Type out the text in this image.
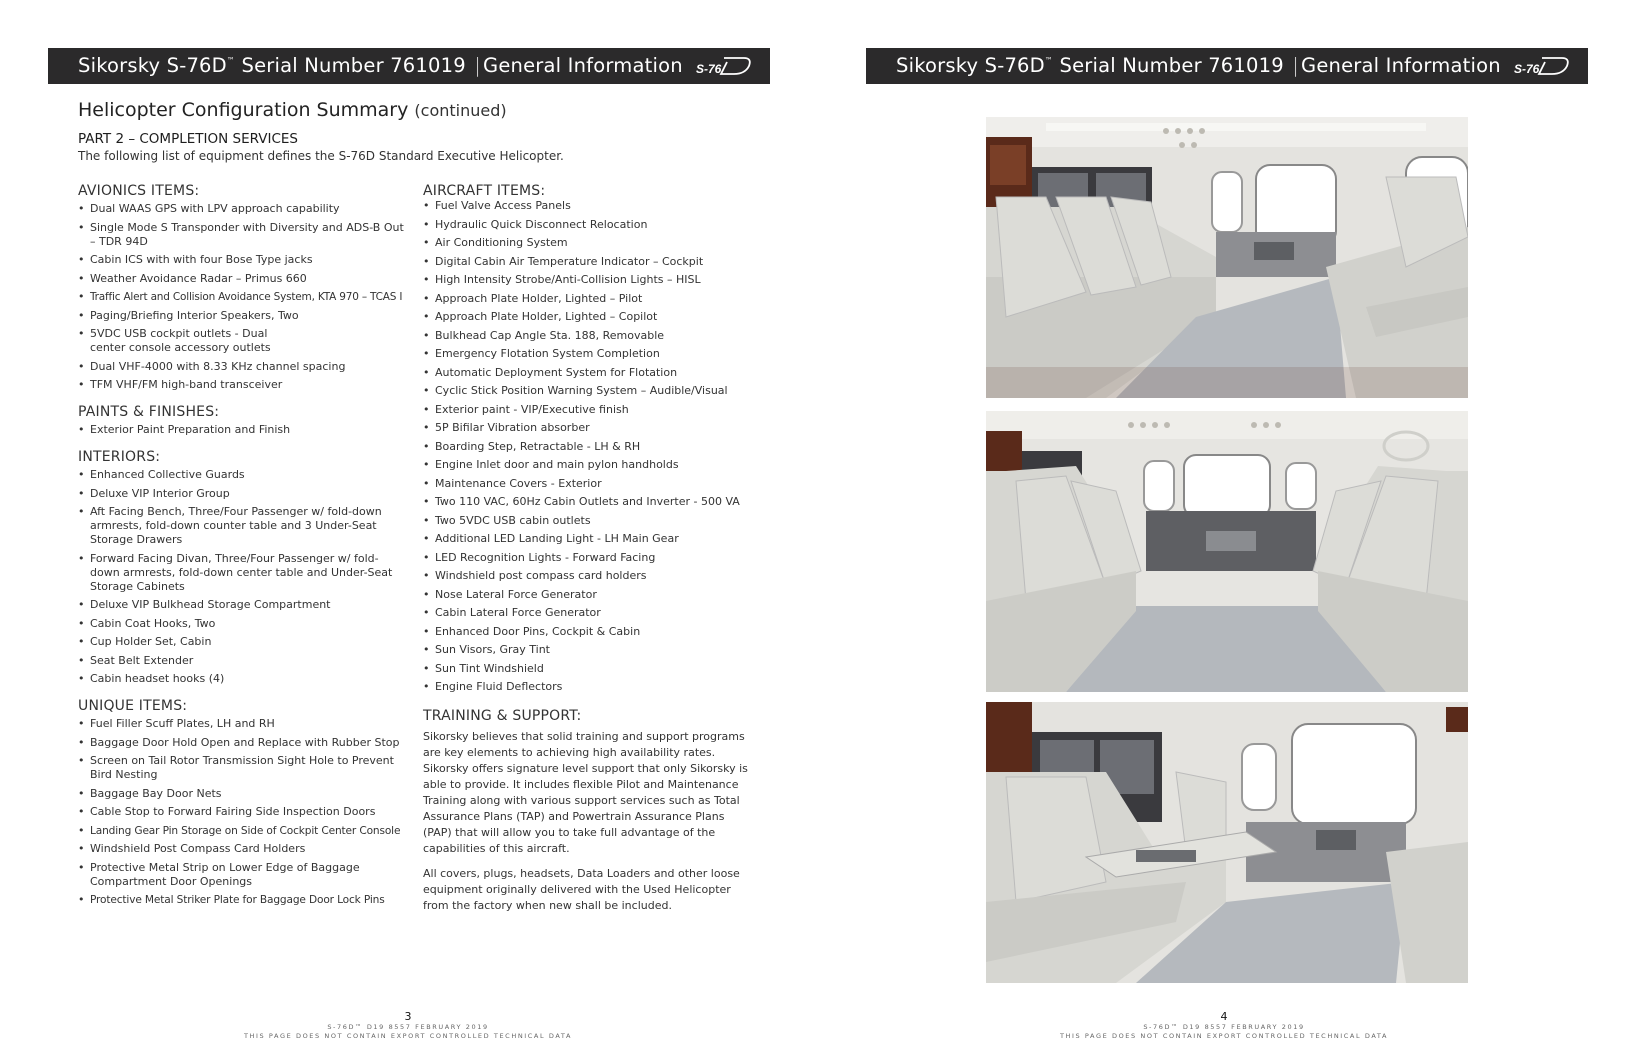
Sikorsky S-76D™ Serial Number 761019 | General Information S-76
Helicopter Configuration Summary (continued)
PART 2 – COMPLETION SERVICES
The following list of equipment defines the S-76D Standard Executive Helicopter.
AVIONICS ITEMS:
• Dual WAAS GPS with LPV approach capability
• Single Mode S Transponder with Diversity and ADS-B Out – TDR 94D
• Cabin ICS with with four Bose Type jacks
• Weather Avoidance Radar – Primus 660
• Traffic Alert and Collision Avoidance System, KTA 970 – TCAS I
• Paging/Briefing Interior Speakers, Two
• 5VDC USB cockpit outlets - Dual center console accessory outlets
• Dual VHF-4000 with 8.33 KHz channel spacing
• TFM VHF/FM high-band transceiver
PAINTS & FINISHES:
• Exterior Paint Preparation and Finish
INTERIORS:
• Enhanced Collective Guards
• Deluxe VIP Interior Group
• Aft Facing Bench, Three/Four Passenger w/ fold-down armrests, fold-down counter table and 3 Under-Seat Storage Drawers
• Forward Facing Divan, Three/Four Passenger w/ fold-down armrests, fold-down center table and Under-Seat Storage Cabinets
• Deluxe VIP Bulkhead Storage Compartment
• Cabin Coat Hooks, Two
• Cup Holder Set, Cabin
• Seat Belt Extender
• Cabin headset hooks (4)
UNIQUE ITEMS:
• Fuel Filler Scuff Plates, LH and RH
• Baggage Door Hold Open and Replace with Rubber Stop
• Screen on Tail Rotor Transmission Sight Hole to Prevent Bird Nesting
• Baggage Bay Door Nets
• Cable Stop to Forward Fairing Side Inspection Doors
• Landing Gear Pin Storage on Side of Cockpit Center Console
• Windshield Post Compass Card Holders
• Protective Metal Strip on Lower Edge of Baggage Compartment Door Openings
• Protective Metal Striker Plate for Baggage Door Lock Pins
AIRCRAFT ITEMS:
• Fuel Valve Access Panels
• Hydraulic Quick Disconnect Relocation
• Air Conditioning System
• Digital Cabin Air Temperature Indicator – Cockpit
• High Intensity Strobe/Anti-Collision Lights – HISL
• Approach Plate Holder, Lighted – Pilot
• Approach Plate Holder, Lighted – Copilot
• Bulkhead Cap Angle Sta. 188, Removable
• Emergency Flotation System Completion
• Automatic Deployment System for Flotation
• Cyclic Stick Position Warning System – Audible/Visual
• Exterior paint - VIP/Executive finish
• 5P Bifilar Vibration absorber
• Boarding Step, Retractable - LH & RH
• Engine Inlet door and main pylon handholds
• Maintenance Covers - Exterior
• Two 110 VAC, 60Hz Cabin Outlets and Inverter - 500 VA
• Two 5VDC USB cabin outlets
• Additional LED Landing Light - LH Main Gear
• LED Recognition Lights - Forward Facing
• Windshield post compass card holders
• Nose Lateral Force Generator
• Cabin Lateral Force Generator
• Enhanced Door Pins, Cockpit & Cabin
• Sun Visors, Gray Tint
• Sun Tint Windshield
• Engine Fluid Deflectors
TRAINING & SUPPORT:

Sikorsky believes that solid training and support programs are key elements to achieving high availability rates. Sikorsky offers signature level support that only Sikorsky is able to provide. It includes flexible Pilot and Maintenance Training along with various support services such as Total Assurance Plans (TAP) and Powertrain Assurance Plans (PAP) that will allow you to take full advantage of the capabilities of this aircraft.

All covers, plugs, headsets, Data Loaders and other loose equipment originally delivered with the Used Helicopter from the factory when new shall be included.

3
S-76D™ D19 8557 FEBRUARY 2019
THIS PAGE DOES NOT CONTAIN EXPORT CONTROLLED TECHNICAL DATA
Sikorsky S-76D™ Serial Number 761019 | General Information S-76
4
S-76D™ D19 8557 FEBRUARY 2019
THIS PAGE DOES NOT CONTAIN EXPORT CONTROLLED TECHNICAL DATA
